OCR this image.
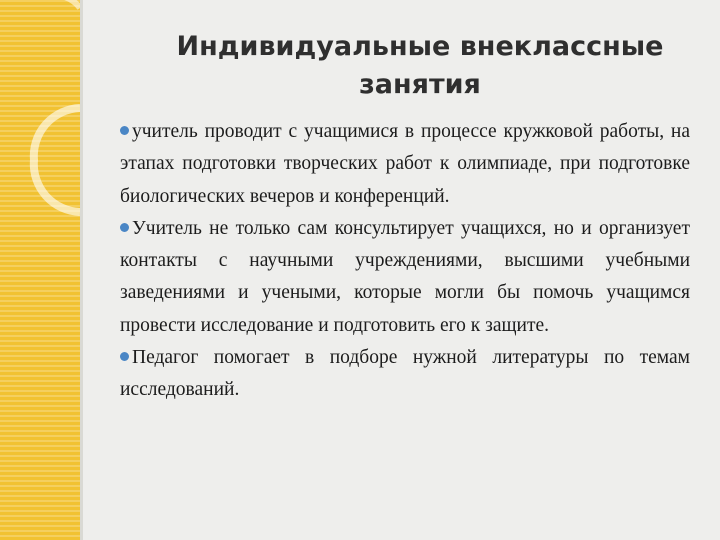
Индивидуальные внеклассные
занятия

учитель проводит с учащимися в процессе кружковой работы, на этапах подготовки творческих работ к олимпиаде, при подготовке биологических вечеров и конференций.

Учитель не только сам консультирует учащихся, но и организует контакты с научными учреждениями, высшими учебными заведениями и учеными, которые могли бы помочь учащимся провести исследование и подготовить его к защите.

Педагог помогает в подборе нужной литературы по темам исследований.
